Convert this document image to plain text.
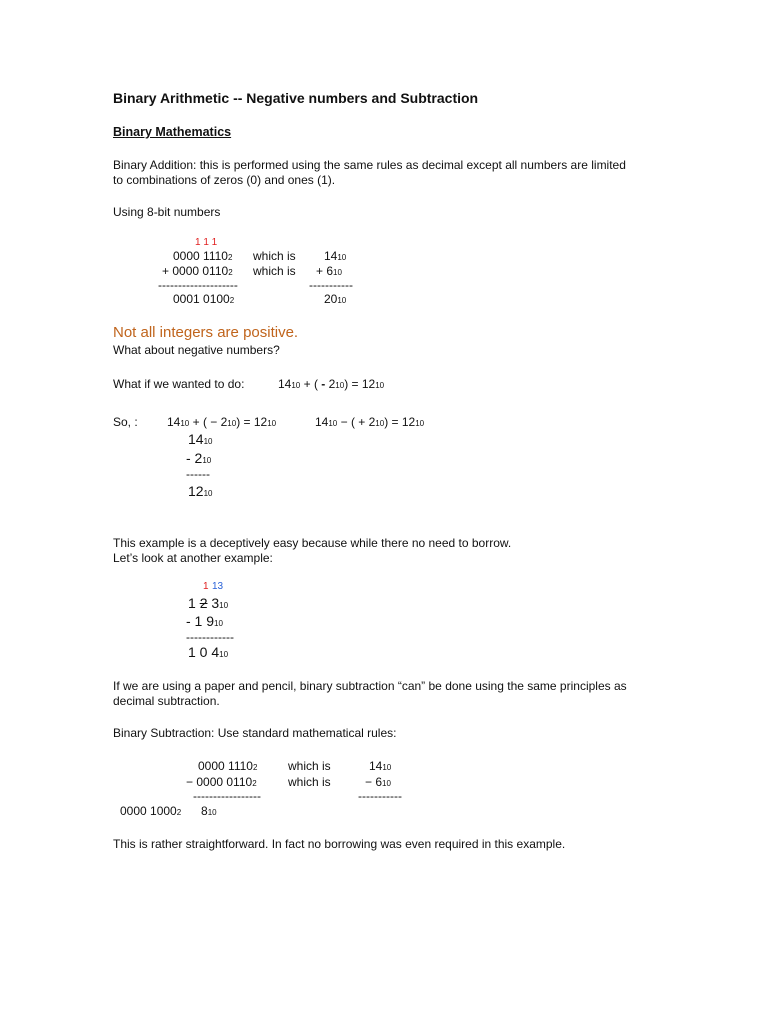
Binary Arithmetic -- Negative numbers and Subtraction
Binary Mathematics
Binary Addition: this is performed using the same rules as decimal except all numbers are limited
to combinations of zeros (0) and ones (1).
Using 8-bit numbers
1 1 1
0000 11102 which is 1410
+ 0000 01102 which is + 610
--------------------	-----------
0001 01002	2010
Not all integers are positive.
What about negative numbers?
What if we wanted to do:	1410 + ( - 210) = 1210
So, : 1410 + ( − 210) = 1210	1410 − ( + 210) = 1210
1410
- 210
------
1210
This example is a deceptively easy because while there no need to borrow.
Let’s look at another example:
1 13
1 2 310
- 1 910
------------
1 0 410
If we are using a paper and pencil, binary subtraction “can” be done using the same principles as
decimal subtraction.
Binary Subtraction: Use standard mathematical rules:
0000 11102	which is	1410
− 0000 01102	which is	− 610
-----------------	-----------
0000 10002 810
This is rather straightforward. In fact no borrowing was even required in this example.
